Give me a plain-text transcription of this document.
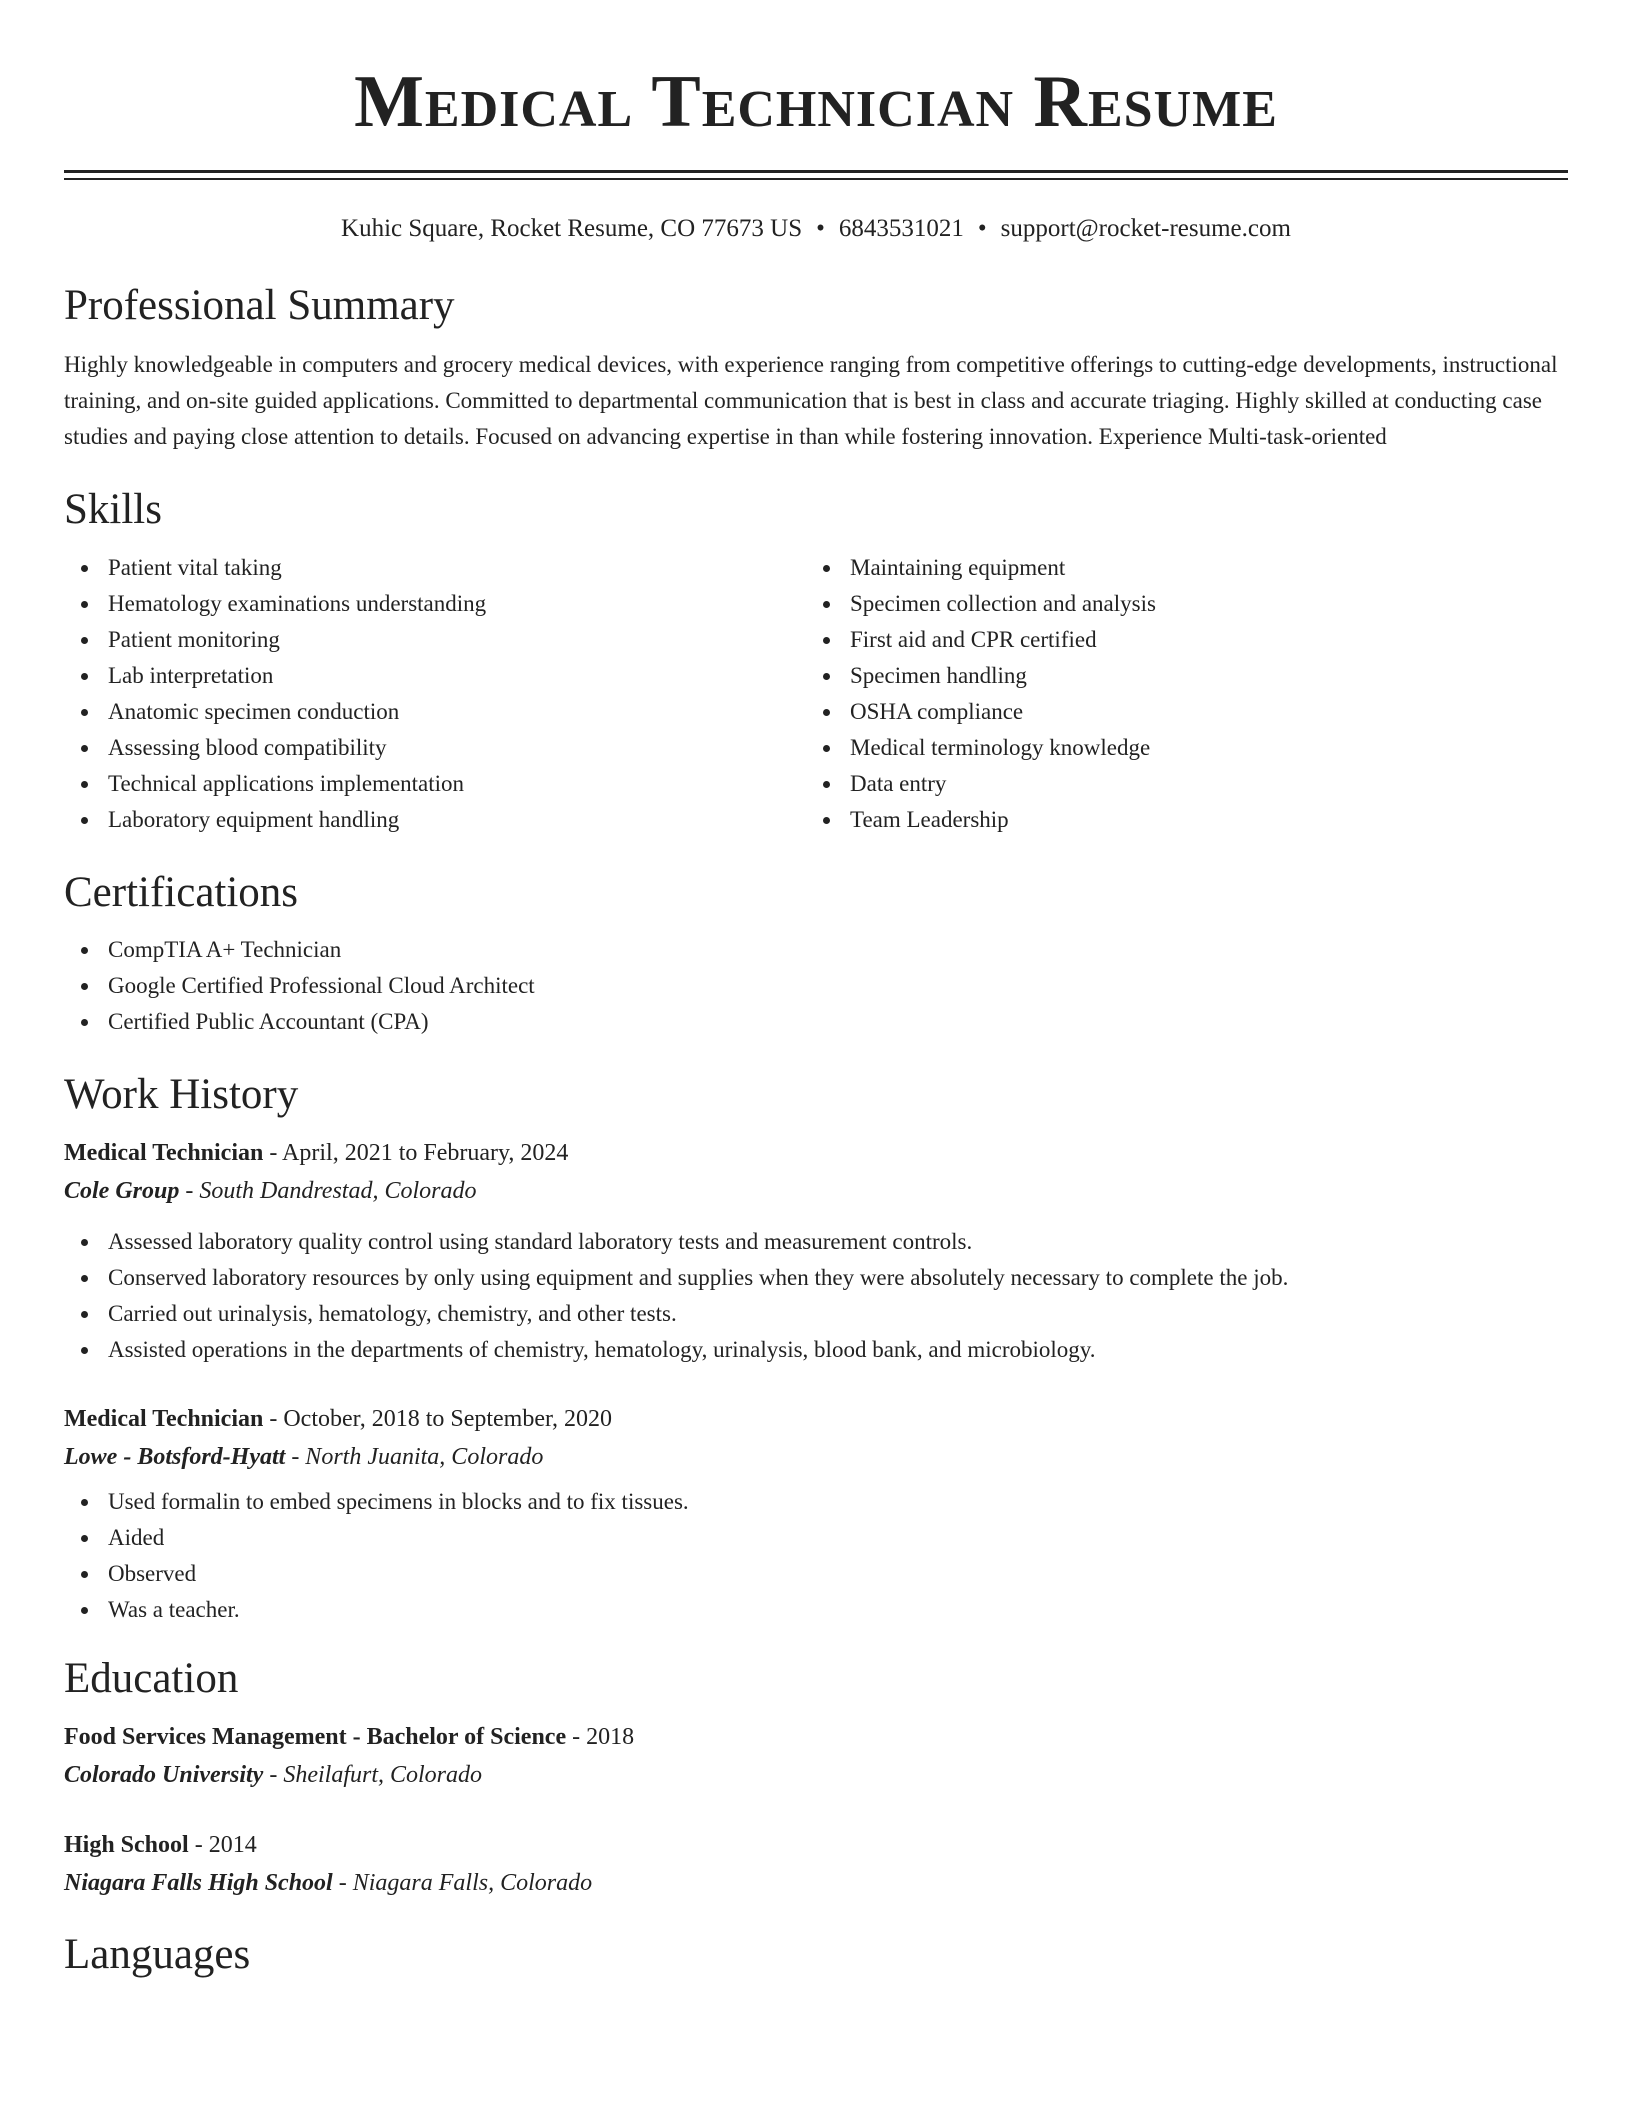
Medical Technician Resume
Kuhic Square, Rocket Resume, CO 77673 US • 6843531021 • support@rocket-resume.com
Professional Summary
Highly knowledgeable in computers and grocery medical devices, with experience ranging from competitive offerings to cutting-edge developments, instructional training, and on-site guided applications. Committed to departmental communication that is best in class and accurate triaging. Highly skilled at conducting case studies and paying close attention to details. Focused on advancing expertise in than while fostering innovation. Experience Multi-task-oriented
Skills
Patient vital taking
Hematology examinations understanding
Patient monitoring
Lab interpretation
Anatomic specimen conduction
Assessing blood compatibility
Technical applications implementation
Laboratory equipment handling
Maintaining equipment
Specimen collection and analysis
First aid and CPR certified
Specimen handling
OSHA compliance
Medical terminology knowledge
Data entry
Team Leadership
Certifications
CompTIA A+ Technician
Google Certified Professional Cloud Architect
Certified Public Accountant (CPA)
Work History
Medical Technician - April, 2021 to February, 2024
Cole Group - South Dandrestad, Colorado
Assessed laboratory quality control using standard laboratory tests and measurement controls.
Conserved laboratory resources by only using equipment and supplies when they were absolutely necessary to complete the job.
Carried out urinalysis, hematology, chemistry, and other tests.
Assisted operations in the departments of chemistry, hematology, urinalysis, blood bank, and microbiology.
Medical Technician - October, 2018 to September, 2020
Lowe - Botsford-Hyatt - North Juanita, Colorado
Used formalin to embed specimens in blocks and to fix tissues.
Aided
Observed
Was a teacher.
Education
Food Services Management - Bachelor of Science - 2018
Colorado University - Sheilafurt, Colorado
High School - 2014
Niagara Falls High School - Niagara Falls, Colorado
Languages
